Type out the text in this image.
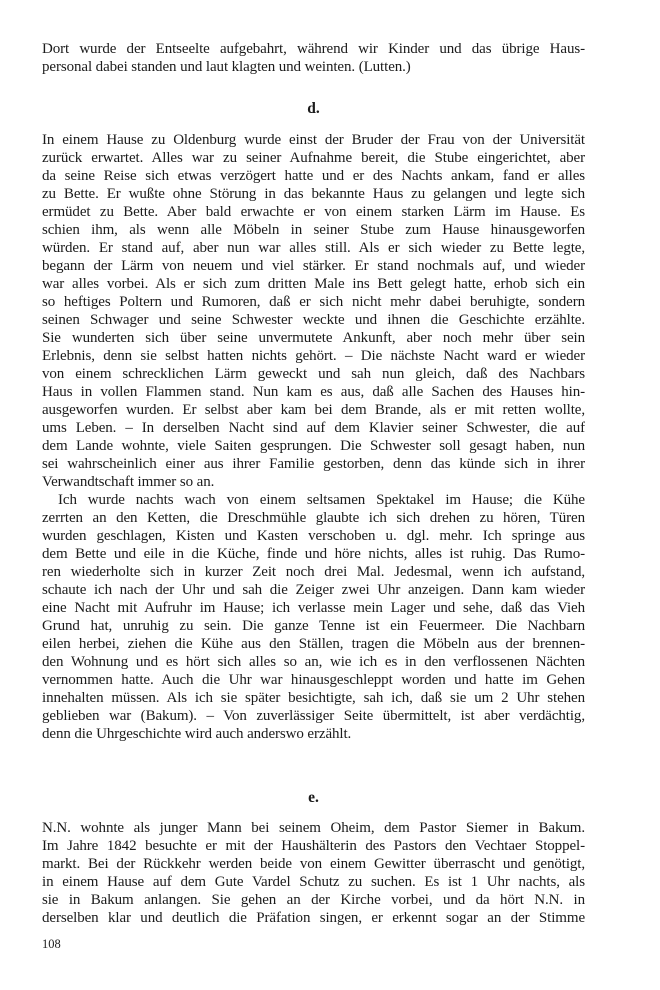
Dort wurde der Entseelte aufgebahrt, während wir Kinder und das übrige Haus-
personal dabei standen und laut klagten und weinten. (Lutten.)
d.
In einem Hause zu Oldenburg wurde einst der Bruder der Frau von der Universität
zurück erwartet. Alles war zu seiner Aufnahme bereit, die Stube eingerichtet, aber
da seine Reise sich etwas verzögert hatte und er des Nachts ankam, fand er alles
zu Bette. Er wußte ohne Störung in das bekannte Haus zu gelangen und legte sich
ermüdet zu Bette. Aber bald erwachte er von einem starken Lärm im Hause. Es
schien ihm, als wenn alle Möbeln in seiner Stube zum Hause hinausgeworfen
würden. Er stand auf, aber nun war alles still. Als er sich wieder zu Bette legte,
begann der Lärm von neuem und viel stärker. Er stand nochmals auf, und wieder
war alles vorbei. Als er sich zum dritten Male ins Bett gelegt hatte, erhob sich ein
so heftiges Poltern und Rumoren, daß er sich nicht mehr dabei beruhigte, sondern
seinen Schwager und seine Schwester weckte und ihnen die Geschichte erzählte.
Sie wunderten sich über seine unvermutete Ankunft, aber noch mehr über sein
Erlebnis, denn sie selbst hatten nichts gehört. – Die nächste Nacht ward er wieder
von einem schrecklichen Lärm geweckt und sah nun gleich, daß des Nachbars
Haus in vollen Flammen stand. Nun kam es aus, daß alle Sachen des Hauses hin-
ausgeworfen wurden. Er selbst aber kam bei dem Brande, als er mit retten wollte,
ums Leben. – In derselben Nacht sind auf dem Klavier seiner Schwester, die auf
dem Lande wohnte, viele Saiten gesprungen. Die Schwester soll gesagt haben, nun
sei wahrscheinlich einer aus ihrer Familie gestorben, denn das künde sich in ihrer
Verwandtschaft immer so an.
Ich wurde nachts wach von einem seltsamen Spektakel im Hause; die Kühe
zerrten an den Ketten, die Dreschmühle glaubte ich sich drehen zu hören, Türen
wurden geschlagen, Kisten und Kasten verschoben u. dgl. mehr. Ich springe aus
dem Bette und eile in die Küche, finde und höre nichts, alles ist ruhig. Das Rumo-
ren wiederholte sich in kurzer Zeit noch drei Mal. Jedesmal, wenn ich aufstand,
schaute ich nach der Uhr und sah die Zeiger zwei Uhr anzeigen. Dann kam wieder
eine Nacht mit Aufruhr im Hause; ich verlasse mein Lager und sehe, daß das Vieh
Grund hat, unruhig zu sein. Die ganze Tenne ist ein Feuermeer. Die Nachbarn
eilen herbei, ziehen die Kühe aus den Ställen, tragen die Möbeln aus der brennen-
den Wohnung und es hört sich alles so an, wie ich es in den verflossenen Nächten
vernommen hatte. Auch die Uhr war hinausgeschleppt worden und hatte im Gehen
innehalten müssen. Als ich sie später besichtigte, sah ich, daß sie um 2 Uhr stehen
geblieben war (Bakum). – Von zuverlässiger Seite übermittelt, ist aber verdächtig,
denn die Uhrgeschichte wird auch anderswo erzählt.
e.
N.N. wohnte als junger Mann bei seinem Oheim, dem Pastor Siemer in Bakum.
Im Jahre 1842 besuchte er mit der Haushälterin des Pastors den Vechtaer Stoppel-
markt. Bei der Rückkehr werden beide von einem Gewitter überrascht und genötigt,
in einem Hause auf dem Gute Vardel Schutz zu suchen. Es ist 1 Uhr nachts, als
sie in Bakum anlangen. Sie gehen an der Kirche vorbei, und da hört N.N. in
derselben klar und deutlich die Präfation singen, er erkennt sogar an der Stimme
108
